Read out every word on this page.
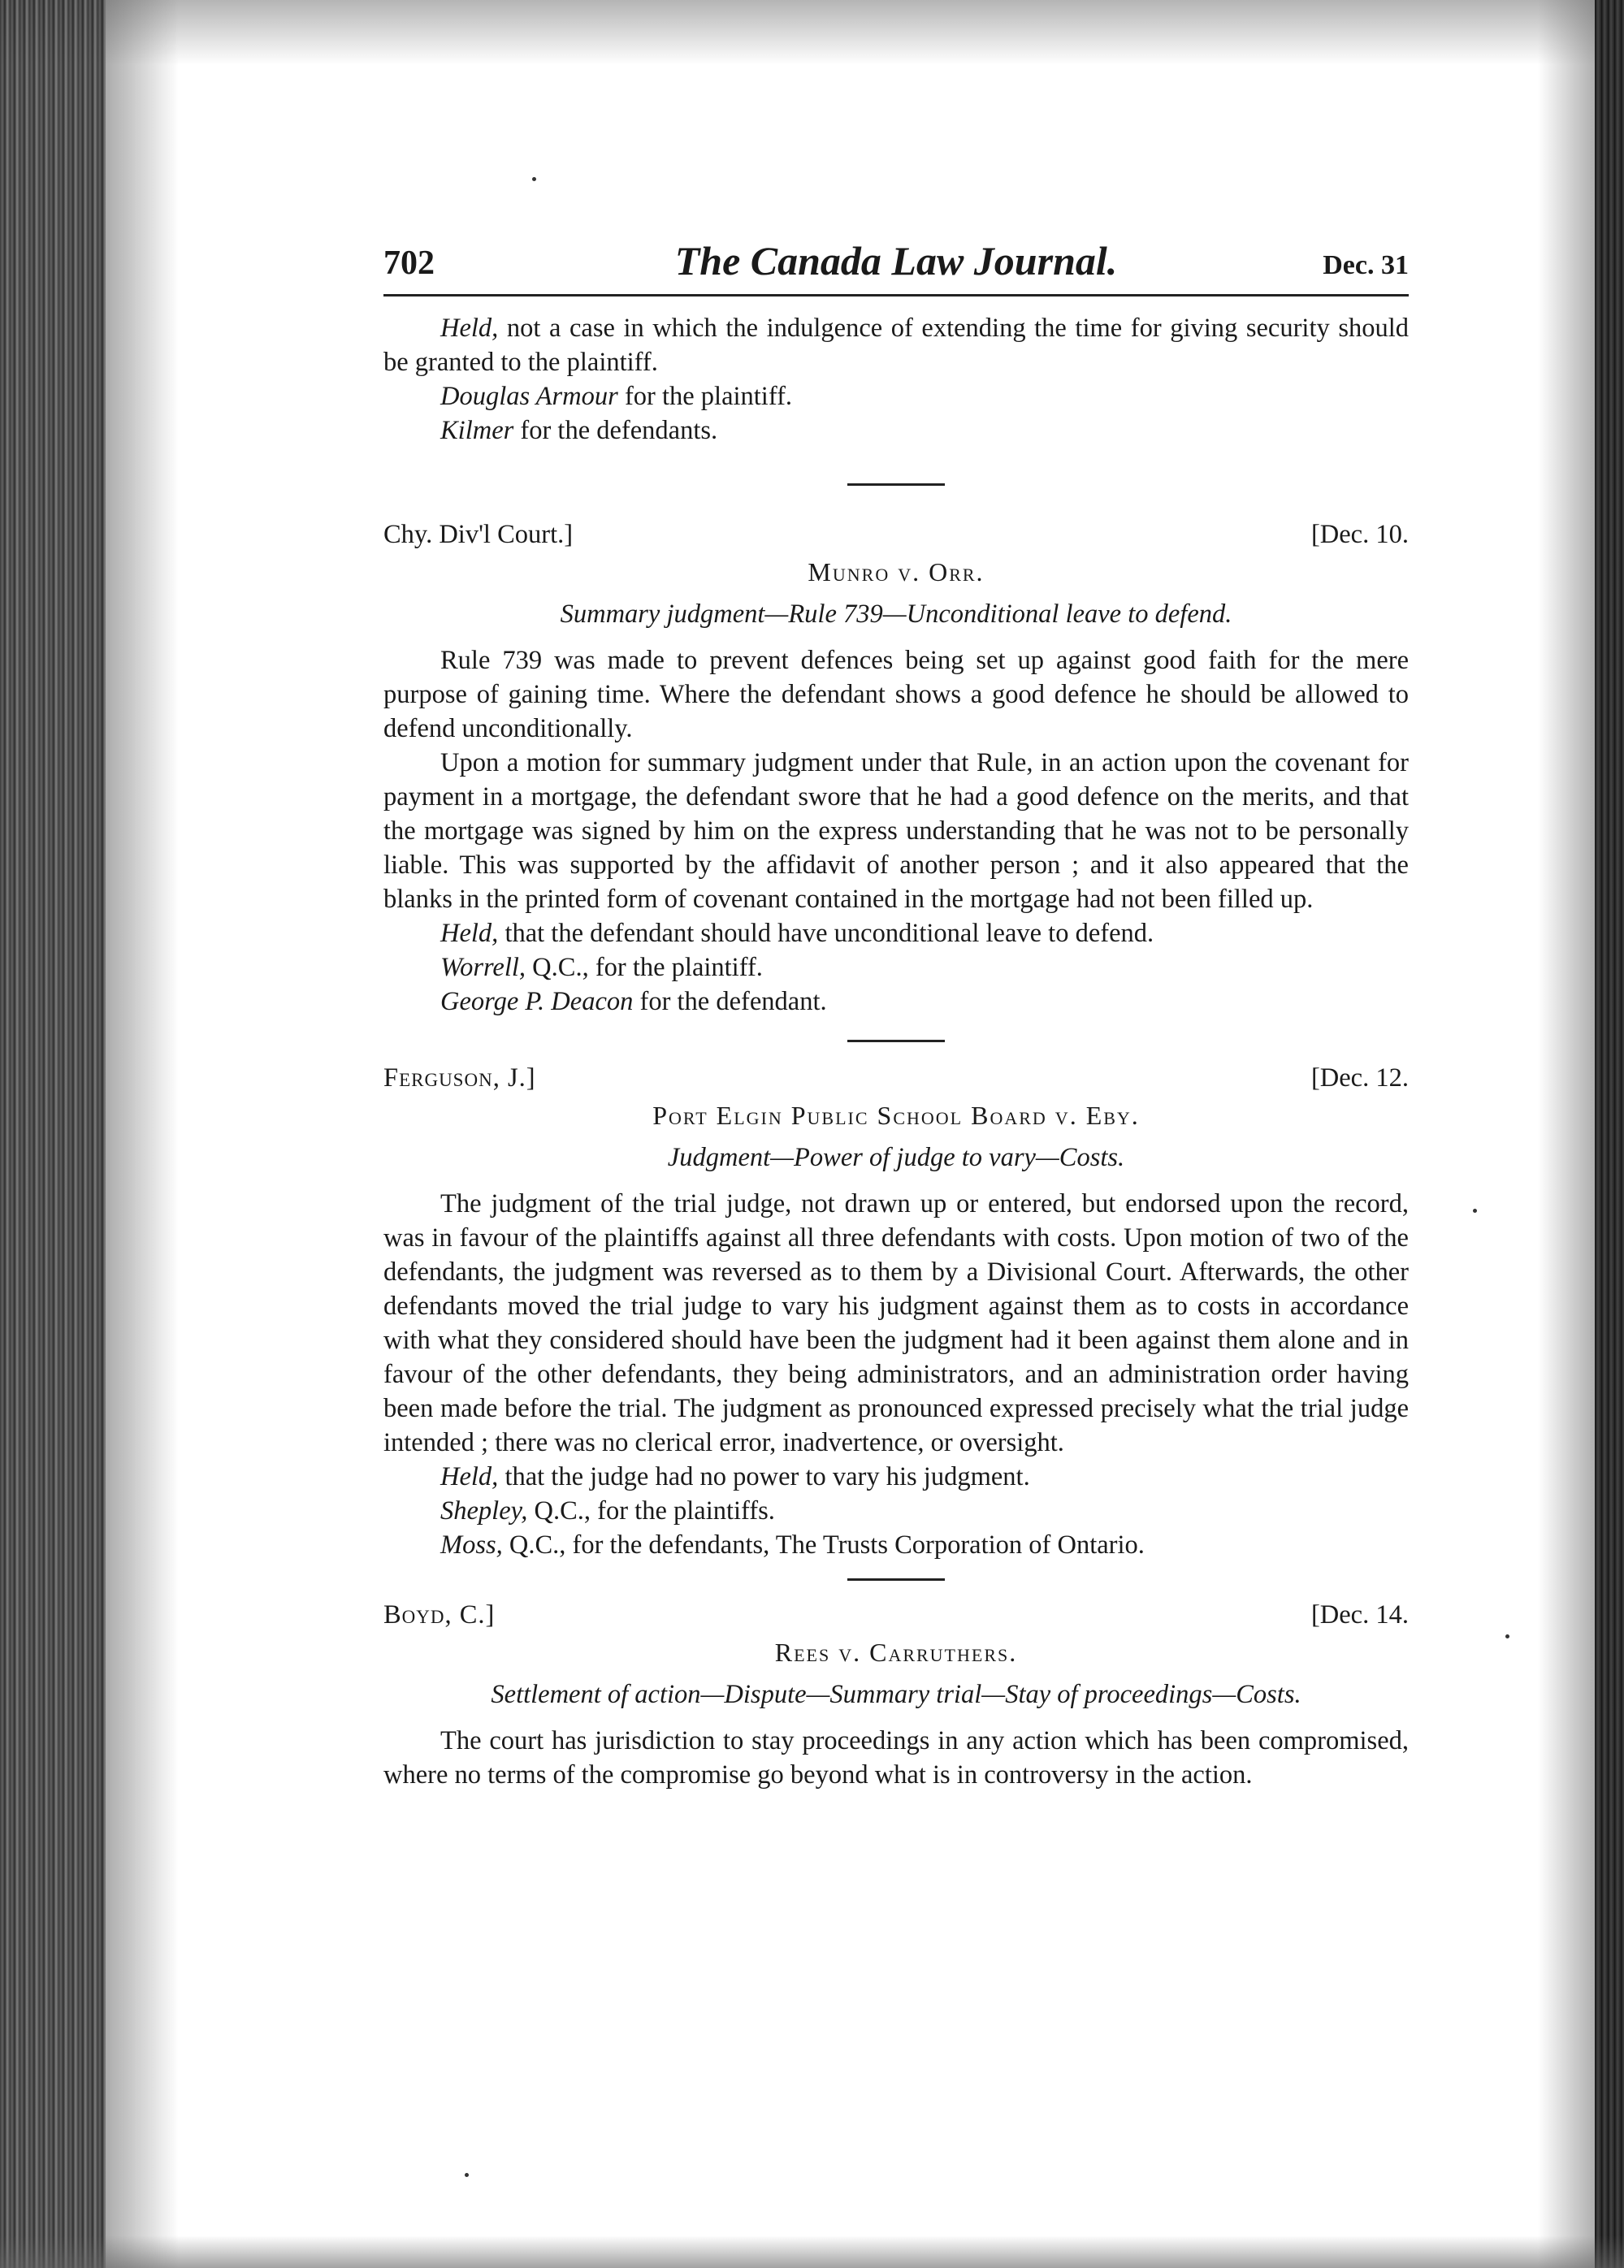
702	The Canada Law Journal.	Dec. 31

Held, not a case in which the indulgence of extending the time for giving security should be granted to the plaintiff.

Douglas Armour for the plaintiff.

Kilmer for the defendants.

Chy. Div'l Court.]	[Dec. 10.
Munro v. Orr.
Summary judgment—Rule 739—Unconditional leave to defend.

Rule 739 was made to prevent defences being set up against good faith for the mere purpose of gaining time. Where the defendant shows a good defence he should be allowed to defend unconditionally.

Upon a motion for summary judgment under that Rule, in an action upon the covenant for payment in a mortgage, the defendant swore that he had a good defence on the merits, and that the mortgage was signed by him on the express understanding that he was not to be personally liable. This was supported by the affidavit of another person ; and it also appeared that the blanks in the printed form of covenant contained in the mortgage had not been filled up.

Held, that the defendant should have unconditional leave to defend.

Worrell, Q.C., for the plaintiff.

George P. Deacon for the defendant.

Ferguson, J.]	[Dec. 12.
Port Elgin Public School Board v. Eby.
Judgment—Power of judge to vary—Costs.

The judgment of the trial judge, not drawn up or entered, but endorsed upon the record, was in favour of the plaintiffs against all three defendants with costs. Upon motion of two of the defendants, the judgment was reversed as to them by a Divisional Court. Afterwards, the other defendants moved the trial judge to vary his judgment against them as to costs in accordance with what they considered should have been the judgment had it been against them alone and in favour of the other defendants, they being administrators, and an administration order having been made before the trial. The judgment as pronounced expressed precisely what the trial judge intended ; there was no clerical error, inadvertence, or oversight.

Held, that the judge had no power to vary his judgment.

Shepley, Q.C., for the plaintiffs.

Moss, Q.C., for the defendants, The Trusts Corporation of Ontario.

Boyd, C.]	[Dec. 14.
Rees v. Carruthers.
Settlement of action—Dispute—Summary trial—Stay of proceedings—Costs.

The court has jurisdiction to stay proceedings in any action which has been compromised, where no terms of the compromise go beyond what is in controversy in the action.
